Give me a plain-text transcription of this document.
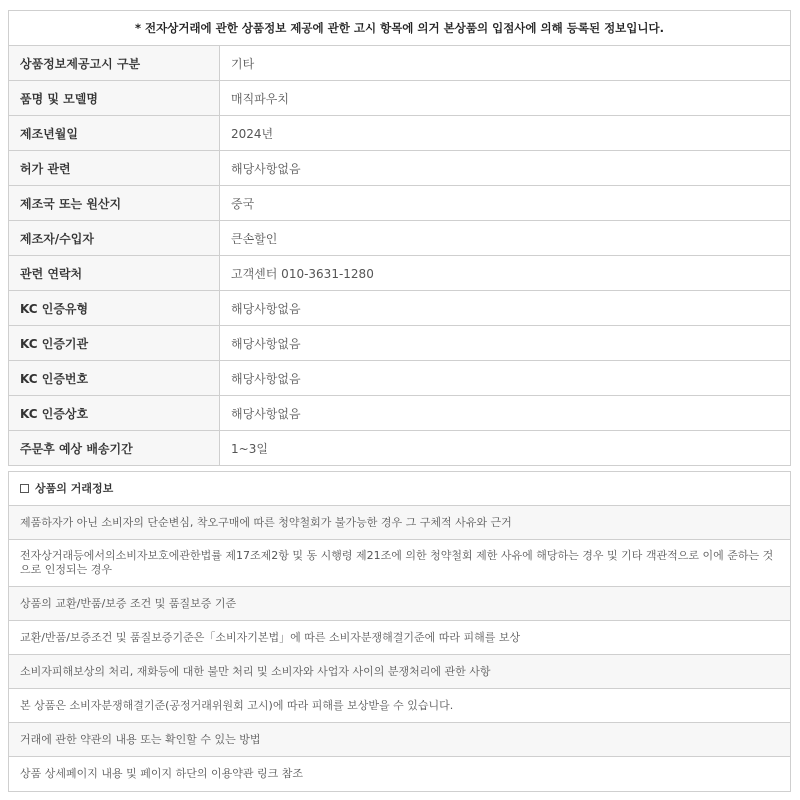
* 전자상거래에 관한 상품정보 제공에 관한 고시 항목에 의거 본상품의 입점사에 의해 등록된 정보입니다.
상품정보제공고시 구분	기타
품명 및 모델명	매직파우치
제조년월일	2024년
허가 관련	해당사항없음
제조국 또는 원산지	중국
제조자/수입자	큰손할인
관련 연락처	고객센터 010-3631-1280
KC 인증유형	해당사항없음
KC 인증기관	해당사항없음
KC 인증번호	해당사항없음
KC 인증상호	해당사항없음
주문후 예상 배송기간	1~3일
상품의 거래정보
제품하자가 아닌 소비자의 단순변심, 착오구매에 따른 청약철회가 불가능한 경우 그 구체적 사유와 근거
전자상거래등에서의소비자보호에관한법률 제17조제2항 및 동 시행령 제21조에 의한 청약철회 제한 사유에 해당하는 경우 및 기타 객관적으로 이에 준하는 것으로 인정되는 경우
상품의 교환/반품/보증 조건 및 품질보증 기준
교환/반품/보증조건 및 품질보증기준은「소비자기본법」에 따른 소비자분쟁해결기준에 따라 피해를 보상
소비자피해보상의 처리, 재화등에 대한 불만 처리 및 소비자와 사업자 사이의 분쟁처리에 관한 사항
본 상품은 소비자분쟁해결기준(공정거래위원회 고시)에 따라 피해를 보상받을 수 있습니다.
거래에 관한 약관의 내용 또는 확인할 수 있는 방법
상품 상세페이지 내용 및 페이지 하단의 이용약관 링크 참조
